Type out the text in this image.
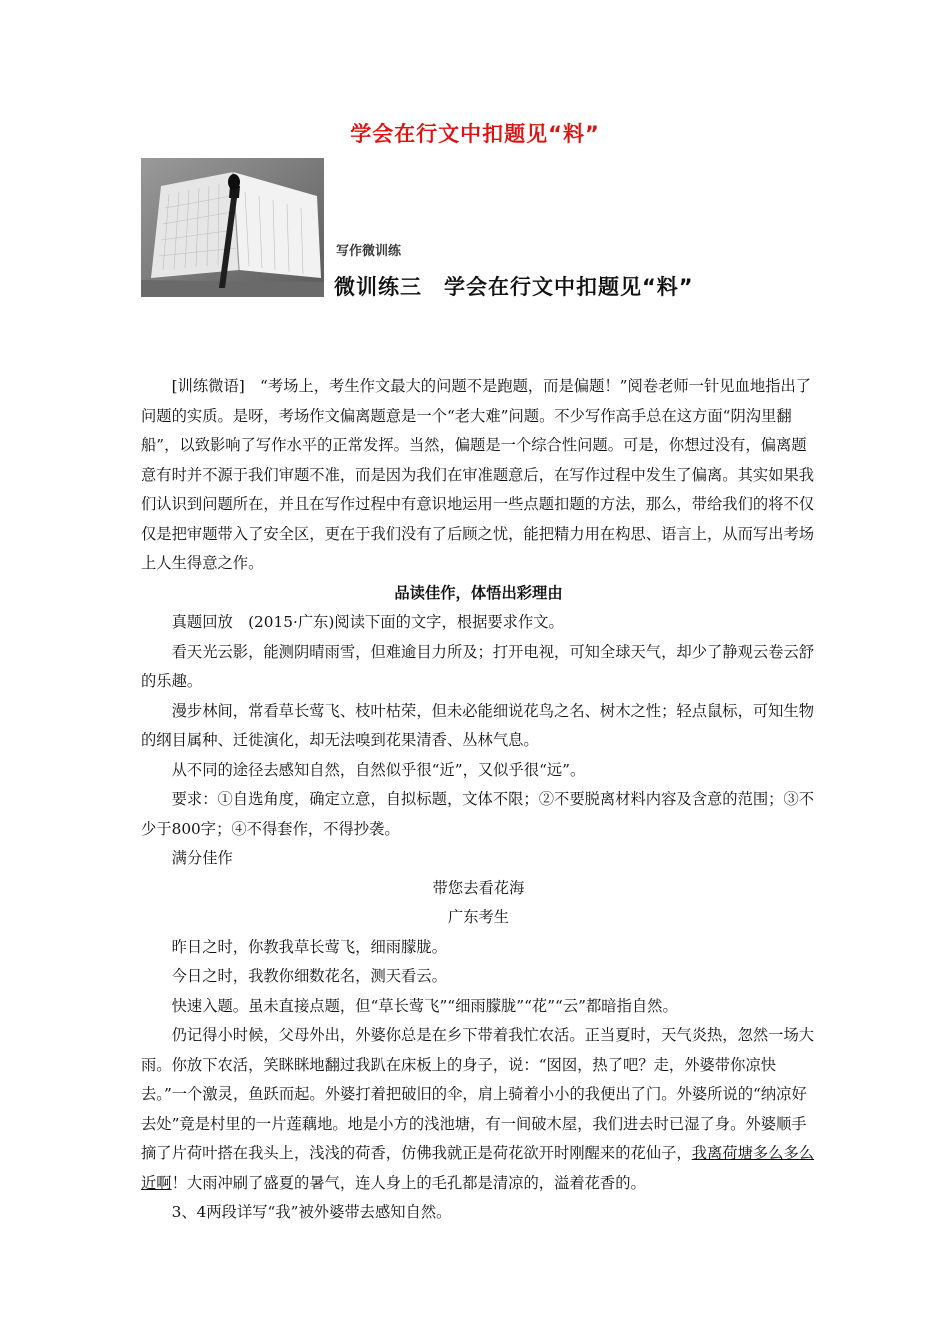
学会在行文中扣题见“料”
写作微训练
微训练三　学会在行文中扣题见“料”

[训练微语]　“考场上，考生作文最大的问题不是跑题，而是偏题！”阅卷老师一针见血地指出了问题的实质。是呀，考场作文偏离题意是一个“老大难”问题。不少写作高手总在这方面“阴沟里翻船”，以致影响了写作水平的正常发挥。当然，偏题是一个综合性问题。可是，你想过没有，偏离题意有时并不源于我们审题不准，而是因为我们在审准题意后，在写作过程中发生了偏离。其实如果我们认识到问题所在，并且在写作过程中有意识地运用一些点题扣题的方法，那么，带给我们的将不仅仅是把审题带入了安全区，更在于我们没有了后顾之忧，能把精力用在构思、语言上，从而写出考场上人生得意之作。

品读佳作，体悟出彩理由

真题回放　(2015·广东)阅读下面的文字，根据要求作文。

看天光云影，能测阴晴雨雪，但难逾目力所及；打开电视，可知全球天气，却少了静观云卷云舒的乐趣。

漫步林间，常看草长莺飞、枝叶枯荣，但未必能细说花鸟之名、树木之性；轻点鼠标，可知生物的纲目属种、迁徙演化，却无法嗅到花果清香、丛林气息。

从不同的途径去感知自然，自然似乎很“近”，又似乎很“远”。

要求：①自选角度，确定立意，自拟标题，文体不限；②不要脱离材料内容及含意的范围；③不少于800字；④不得套作，不得抄袭。

满分佳作

带您去看花海

广东考生

昨日之时，你教我草长莺飞，细雨朦胧。

今日之时，我教你细数花名，测天看云。

快速入题。虽未直接点题，但“草长莺飞”“细雨朦胧”“花”“云”都暗指自然。

仍记得小时候，父母外出，外婆你总是在乡下带着我忙农活。正当夏时，天气炎热，忽然一场大雨。你放下农活，笑眯眯地翻过我趴在床板上的身子，说：“囡囡，热了吧？走，外婆带你凉快去。”一个激灵，鱼跃而起。外婆打着把破旧的伞，肩上骑着小小的我便出了门。外婆所说的“纳凉好去处”竟是村里的一片莲藕地。地是小方的浅池塘，有一间破木屋，我们进去时已湿了身。外婆顺手摘了片荷叶搭在我头上，浅浅的荷香，仿佛我就正是荷花欲开时刚醒来的花仙子，我离荷塘多么多么近啊！大雨冲刷了盛夏的暑气，连人身上的毛孔都是清凉的，溢着花香的。

3、4两段详写“我”被外婆带去感知自然。
